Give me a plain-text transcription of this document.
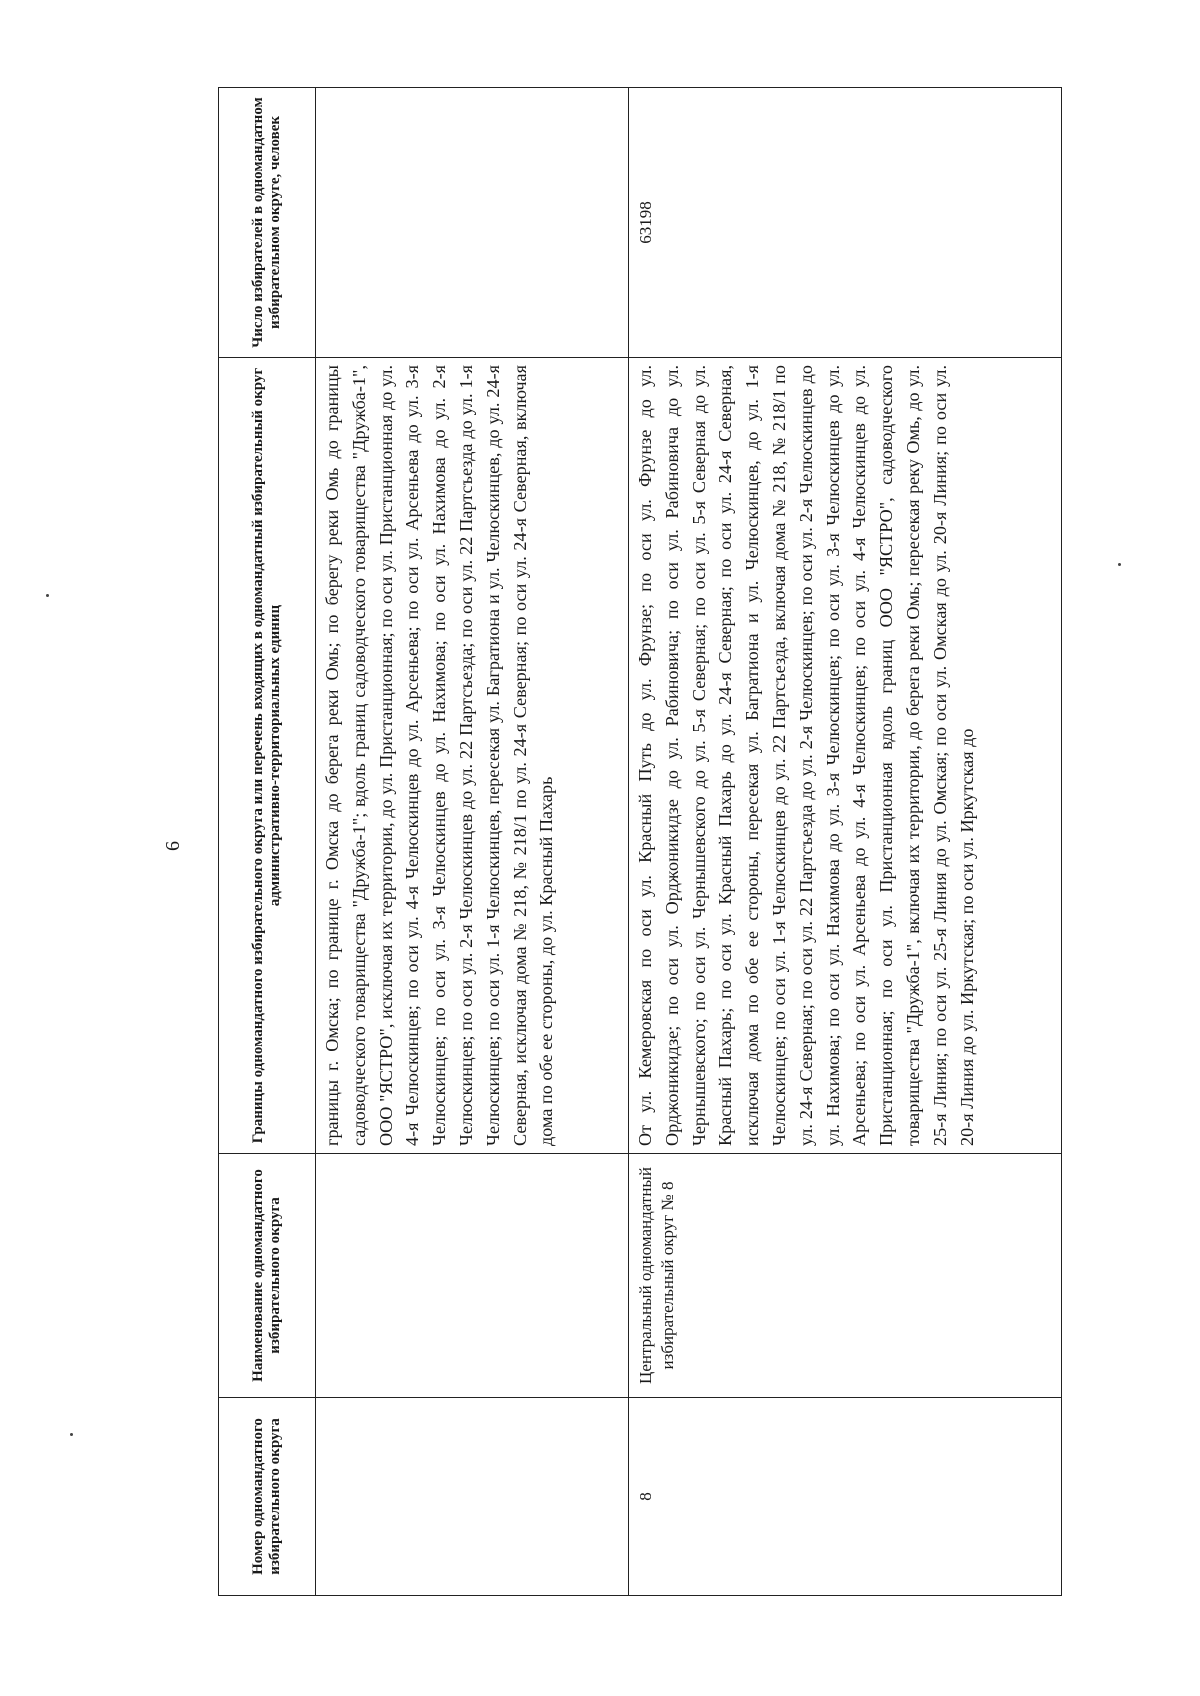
6
Номер одномандатного избирательного округа	Наименование одномандатного избирательного округа	Границы одномандатного избирательного округа или перечень входящих в одномандатный избирательный округ административно-территориальных единиц	Число избирателей в одномандатном избирательном округе, человек
		границы г. Омска; по границе г. Омска до берега реки Омь; по берегу реки Омь до границы садоводческого товарищества "Дружба-1"; вдоль границ садоводческого товарищества "Дружба-1", ООО "ЯСТРО", исключая их территории, до ул. Пристанционная; по оси ул. Пристанционная до ул. 4-я Челюскинцев; по оси ул. 4-я Челюскинцев до ул. Арсеньева; по оси ул. Арсеньева до ул. 3-я Челюскинцев; по оси ул. 3-я Челюскинцев до ул. Нахимова; по оси ул. Нахимова до ул. 2-я Челюскинцев; по оси ул. 2-я Челюскинцев до ул. 22 Партсъезда; по оси ул. 22 Партсъезда до ул. 1-я Челюскинцев; по оси ул. 1-я Челюскинцев, пересекая ул. Багратиона и ул. Челюскинцев, до ул. 24-я Северная, исключая дома № 218, № 218/1 по ул. 24-я Северная; по оси ул. 24-я Северная, включая дома по обе ее стороны, до ул. Красный Пахарь	
8	Центральный одномандатный избирательный округ № 8	От ул. Кемеровская по оси ул. Красный Путь до ул. Фрунзе; по оси ул. Фрунзе до ул. Орджоникидзе; по оси ул. Орджоникидзе до ул. Рабиновича; по оси ул. Рабиновича до ул. Чернышевского; по оси ул. Чернышевского до ул. 5-я Северная; по оси ул. 5-я Северная до ул. Красный Пахарь; по оси ул. Красный Пахарь до ул. 24-я Северная; по оси ул. 24-я Северная, исключая дома по обе ее стороны, пересекая ул. Багратиона и ул. Челюскинцев, до ул. 1-я Челюскинцев; по оси ул. 1-я Челюскинцев до ул. 22 Партсъезда, включая дома № 218, № 218/1 по ул. 24-я Северная; по оси ул. 22 Партсъезда до ул. 2-я Челюскинцев; по оси ул. 2-я Челюскинцев до ул. Нахимова; по оси ул. Нахимова до ул. 3-я Челюскинцев; по оси ул. 3-я Челюскинцев до ул. Арсеньева; по оси ул. Арсеньева до ул. 4-я Челюскинцев; по оси ул. 4-я Челюскинцев до ул. Пристанционная; по оси ул. Пристанционная вдоль границ ООО "ЯСТРО", садоводческого товарищества "Дружба-1", включая их территории, до берега реки Омь; пересекая реку Омь, до ул. 25-я Линия; по оси ул. 25-я Линия до ул. Омская; по оси ул. Омская до ул. 20-я Линия; по оси ул. 20-я Линия до ул. Иркутская; по оси ул. Иркутская до	63198
